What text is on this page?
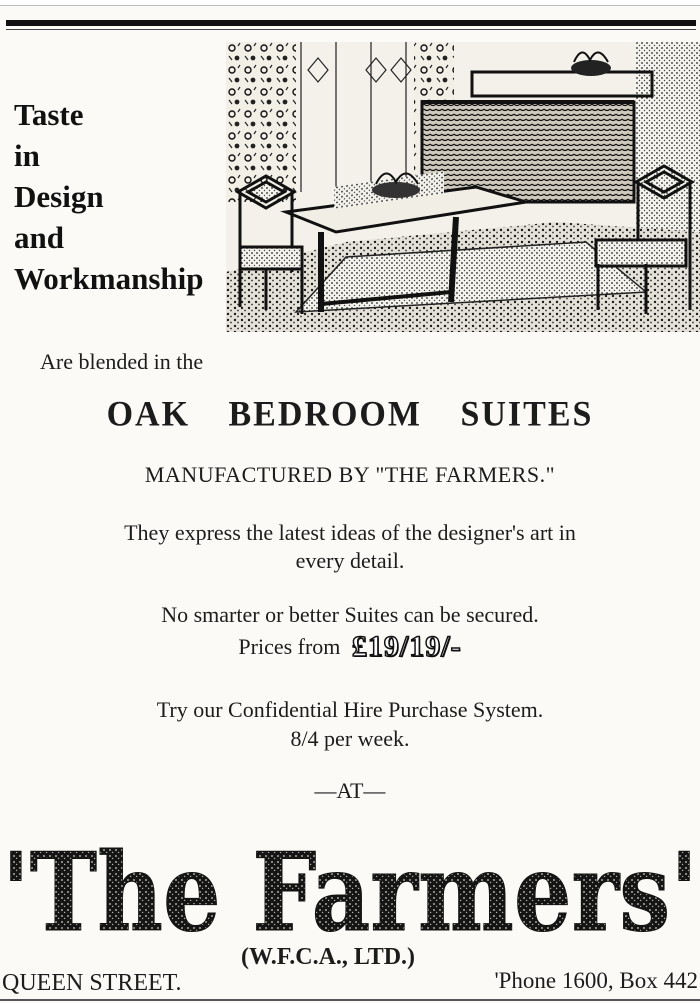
Taste
in
Design
and
Workmanship
Are blended in the
OAK BEDROOM SUITES
MANUFACTURED BY "THE FARMERS."
They express the latest ideas of the designer's art in
every detail.
No smarter or better Suites can be secured.
Prices from £19/19/-
Try our Confidential Hire Purchase System.
8/4 per week.
—AT—
'The Farmers'
(W.F.C.A., LTD.)
QUEEN STREET.	'Phone 1600, Box 442
